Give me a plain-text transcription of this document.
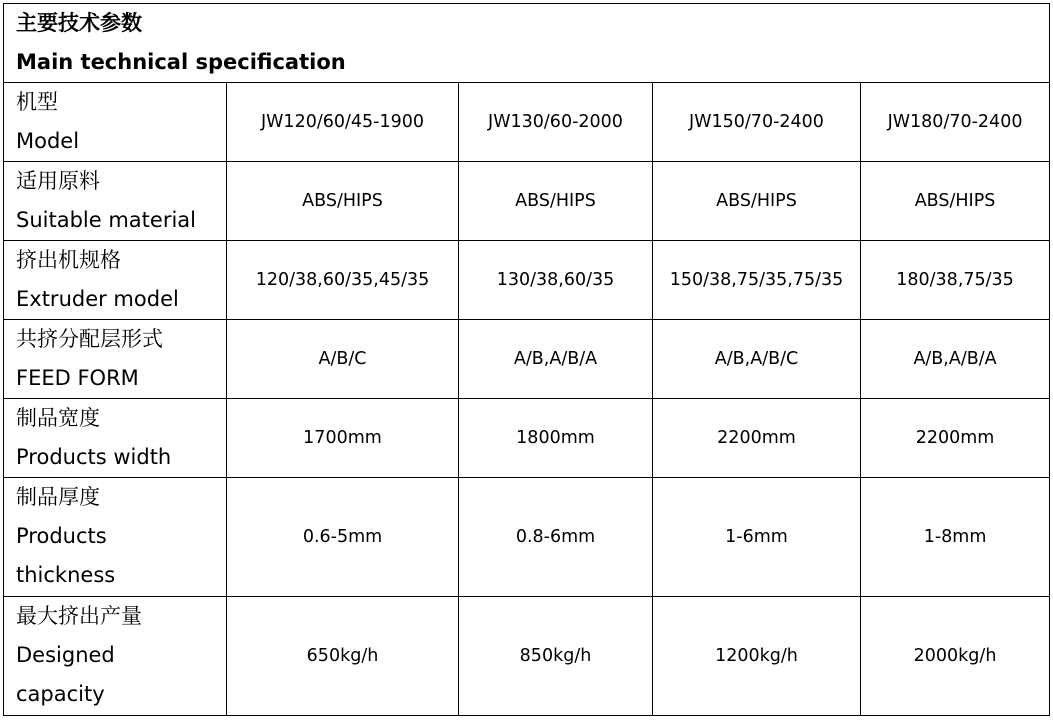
主要技术参数
Main technical specification				

机型
Model	JW120/60/45-1900	JW130/60-2000	JW150/70-2400	JW180/70-2400

适用原料
Suitable material	ABS/HIPS	ABS/HIPS	ABS/HIPS	ABS/HIPS

挤出机规格
Extruder model	120/38,60/35,45/35	130/38,60/35	150/38,75/35,75/35	180/38,75/35

共挤分配层形式
FEED FORM	A/B/C	A/B,A/B/A	A/B,A/B/C	A/B,A/B/A

制品宽度
Products width	1700mm	1800mm	2200mm	2200mm

制品厚度
Products thickness	0.6-5mm	0.8-6mm	1-6mm	1-8mm

最大挤出产量
Designed capacity	650kg/h	850kg/h	1200kg/h	2000kg/h
